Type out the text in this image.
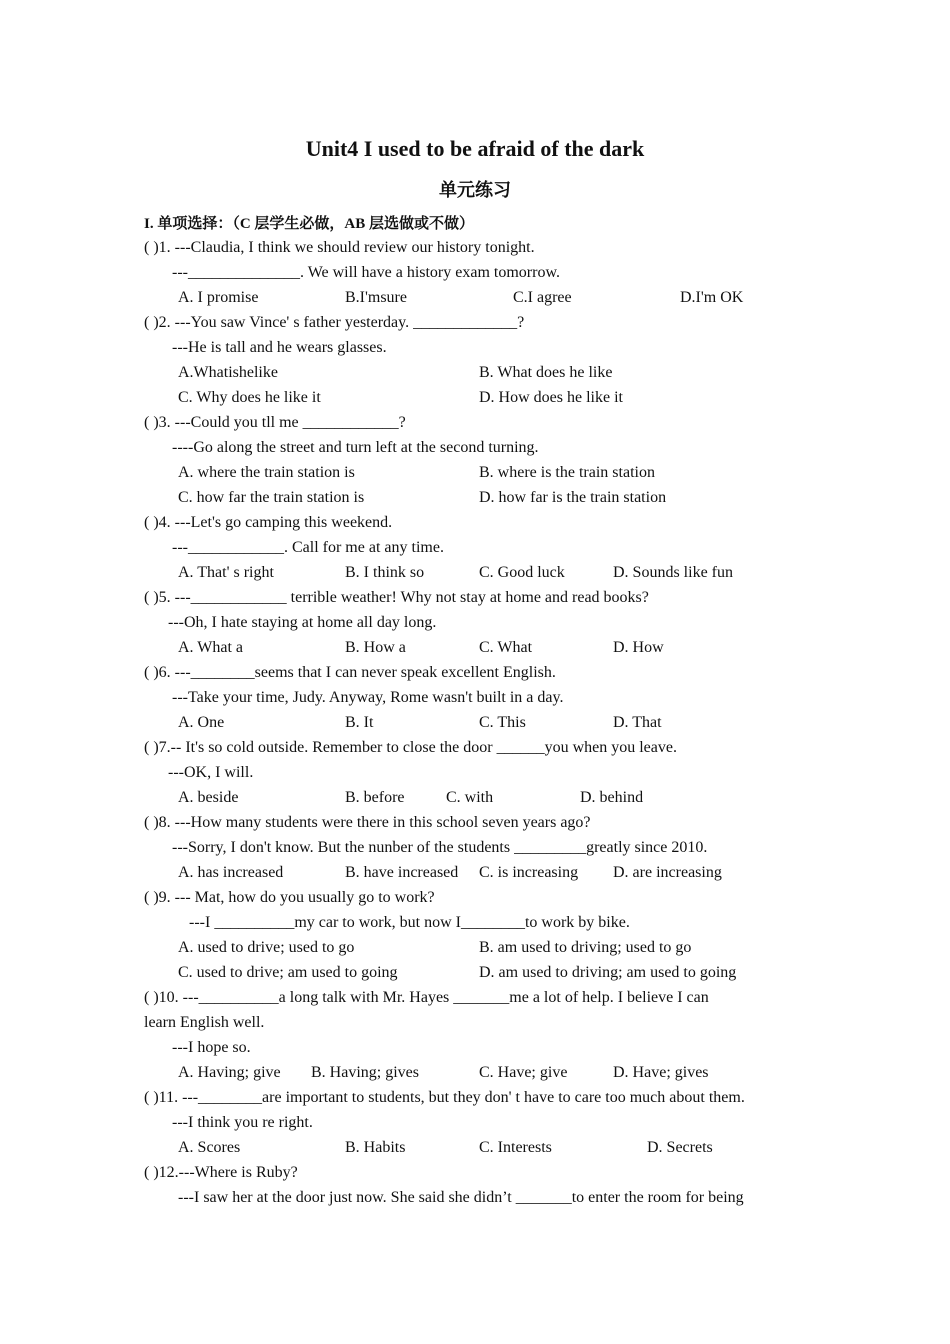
Unit4 I used to be afraid of the dark
单元练习
I. 单项选择：（C 层学生必做，AB 层选做或不做）
( )1. ---Claudia, I think we should review our history tonight.
---______________. We will have a history exam tomorrow.
A. I promise	B.I'msure	C.I agree	D.I'm OK
( )2. ---You saw Vince' s father yesterday. _____________?
---He is tall and he wears glasses.
A.Whatishelike	B. What does he like
C. Why does he like it	D. How does he like it
( )3. ---Could you tll me ____________?
----Go along the street and turn left at the second turning.
A. where the train station is	B. where is the train station
C. how far the train station is	D. how far is the train station
( )4. ---Let's go camping this weekend.
---____________. Call for me at any time.
A. That' s right	B. I think so	C. Good luck	D. Sounds like fun
( )5. ---____________ terrible weather! Why not stay at home and read books?
---Oh, I hate staying at home all day long.
A. What a	B. How a	C. What	D. How
( )6. ---________seems that I can never speak excellent English.
---Take your time, Judy. Anyway, Rome wasn't built in a day.
A. One	B. It	C. This	D. That
( )7.-- It's so cold outside. Remember to close the door ______you when you leave.
---OK, I will.
A. beside	B. before	C. with	D. behind
( )8. ---How many students were there in this school seven years ago?
---Sorry, I don't know. But the nunber of the students _________greatly since 2010.
A. has increased	B. have increased C. is increasing D. are increasing
( )9. --- Mat, how do you usually go to work?
---I __________my car to work, but now I________to work by bike.
A. used to drive; used to go	B. am used to driving; used to go
C. used to drive; am used to going	D. am used to driving; am used to going
( )10. ---__________a long talk with Mr. Hayes _______me a lot of help. I believe I can
learn English well.
---I hope so.
A. Having; give B. Having; gives	C. Have; give	D. Have; gives
( )11. ---________are important to students, but they don' t have to care too much about them.
---I think you re right.
A. Scores	B. Habits	C. Interests	D. Secrets
( )12.---Where is Ruby?
---I saw her at the door just now. She said she didn’t _______to enter the room for being
